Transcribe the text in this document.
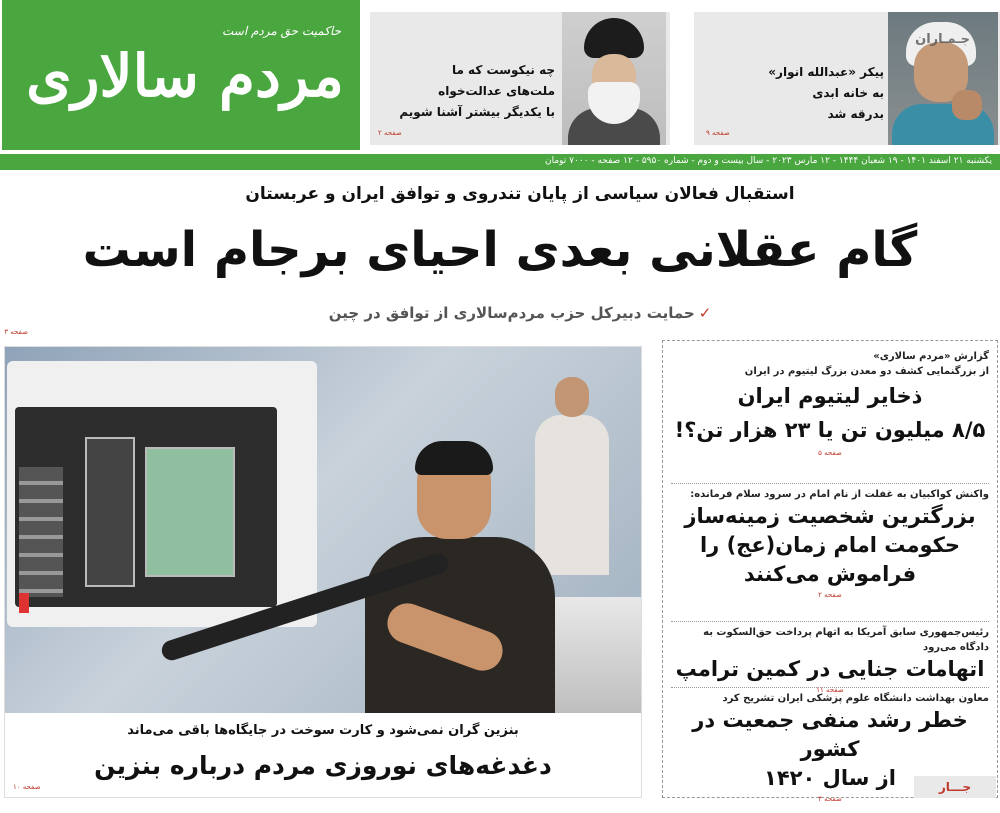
حاکمیت حق مردم است
مردم سالاری	چه نیکوست که ما
ملت‌های عدالت‌خواه
با یکدیگر بیشتر آشنا شویم
صفحه ۲
جـمـاران
پیکر «عبدالله انوار»
به خانه ابدی
بدرقه شد
صفحه ۹
یکشنبه ۲۱ اسفند ۱۴۰۱ - ۱۹ شعبان ۱۴۴۴ - ۱۲ مارس ۲۰۲۳ - سال بیست و دوم - شماره ۵۹۵۰ - ۱۲ صفحه - ۷۰۰۰ تومان
استقبال فعالان سیاسی از پایان تندروی و توافق ایران و عربستان
گام عقلانی بعدی احیای برجام است
✓حمایت دبیرکل حزب مردم‌سالاری از توافق در چین
صفحه ۳
بنزین گران نمی‌شود و کارت سوخت در جایگاه‌ها باقی می‌ماند
دغدغه‌های نوروزی مردم درباره بنزین
صفحه ۱۰
گزارش «مردم سالاری»
از بزرگنمایی کشف دو معدن بزرگ لیتیوم در ایران
ذخایر لیتیوم ایران
۸/۵ میلیون تن یا ۲۳ هزار تن؟!
صفحه ۵
واکنش کواکبیان به غفلت از نام امام در سرود سلام فرمانده:
بزرگترین شخصیت زمینه‌ساز
حکومت امام زمان(عج) را
فراموش می‌کنند
صفحه ۲
رئیس‌جمهوری سابق آمریکا به اتهام پرداخت حق‌السکوت به دادگاه می‌رود
اتهامات جنایی در کمین ترامپ
صفحه ۱۱
معاون بهداشت دانشگاه علوم پزشکی ایران تشریح کرد
خطر رشد منفی جمعیت در کشور
از سال ۱۴۲۰
صفحه ۴
جـــار
